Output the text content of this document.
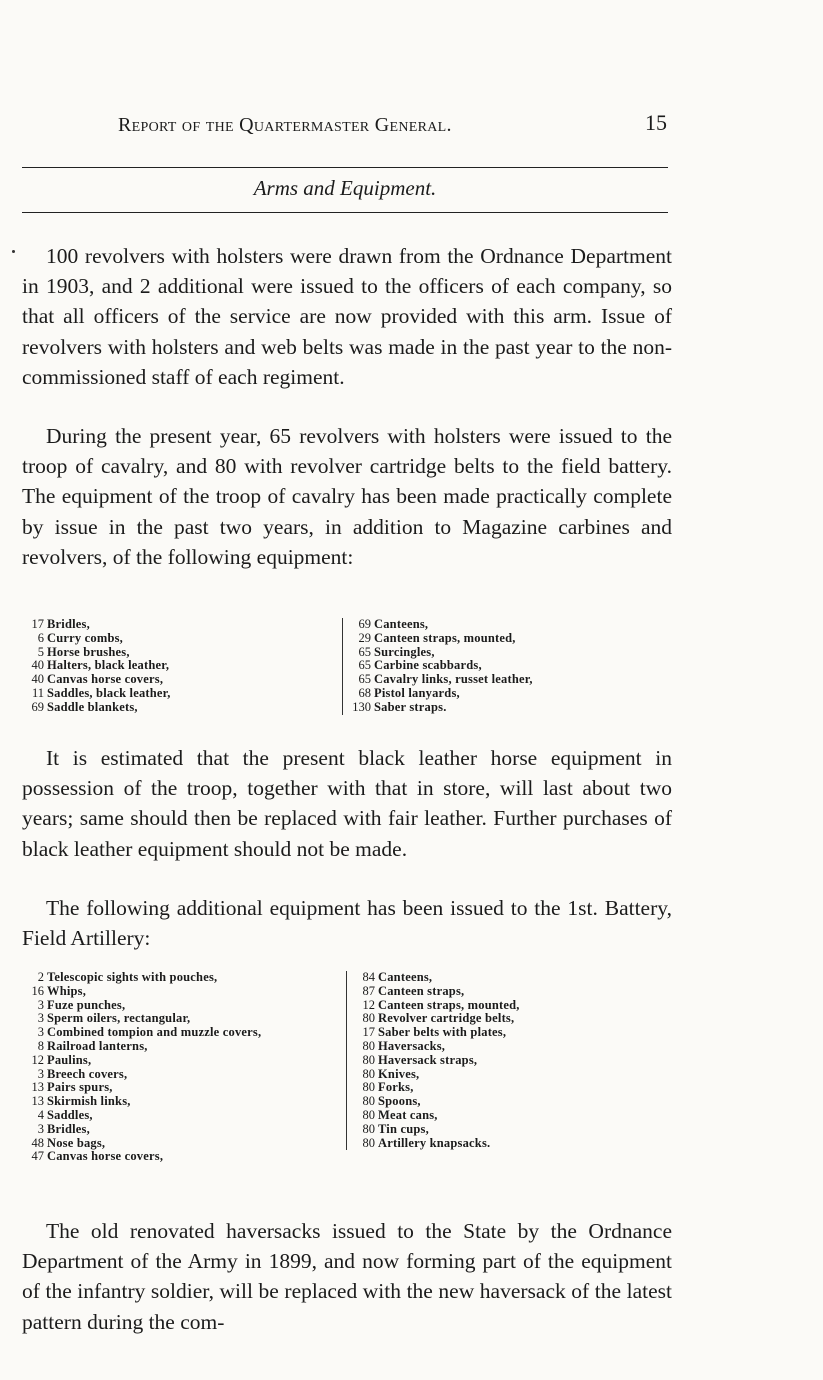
Report of the Quartermaster General.	15
Arms and Equipment.

100 revolvers with holsters were drawn from the Ordnance Department in 1903, and 2 additional were issued to the officers of each company, so that all officers of the service are now provided with this arm. Issue of revolvers with holsters and web belts was made in the past year to the non-commissioned staff of each regiment.

During the present year, 65 revolvers with holsters were issued to the troop of cavalry, and 80 with revolver cartridge belts to the field battery. The equipment of the troop of cavalry has been made practically complete by issue in the past two years, in addition to Magazine carbines and revolvers, of the following equipment:

17 Bridles,
6 Curry combs,
5 Horse brushes,
40 Halters, black leather,
40 Canvas horse covers,
11 Saddles, black leather,
69 Saddle blankets,
69 Canteens,
29 Canteen straps, mounted,
65 Surcingles,
65 Carbine scabbards,
65 Cavalry links, russet leather,
68 Pistol lanyards,
130 Saber straps.

It is estimated that the present black leather horse equipment in possession of the troop, together with that in store, will last about two years; same should then be replaced with fair leather. Further purchases of black leather equipment should not be made.

The following additional equipment has been issued to the 1st. Battery, Field Artillery:

2 Telescopic sights with pouches,
16 Whips,
3 Fuze punches,
3 Sperm oilers, rectangular,
3 Combined tompion and muzzle covers,
8 Railroad lanterns,
12 Paulins,
3 Breech covers,
13 Pairs spurs,
13 Skirmish links,
4 Saddles,
3 Bridles,
48 Nose bags,
47 Canvas horse covers,
84 Canteens,
87 Canteen straps,
12 Canteen straps, mounted,
80 Revolver cartridge belts,
17 Saber belts with plates,
80 Haversacks,
80 Haversack straps,
80 Knives,
80 Forks,
80 Spoons,
80 Meat cans,
80 Tin cups,
80 Artillery knapsacks.

The old renovated haversacks issued to the State by the Ordnance Department of the Army in 1899, and now forming part of the equipment of the infantry soldier, will be replaced with the new haversack of the latest pattern during the com-
